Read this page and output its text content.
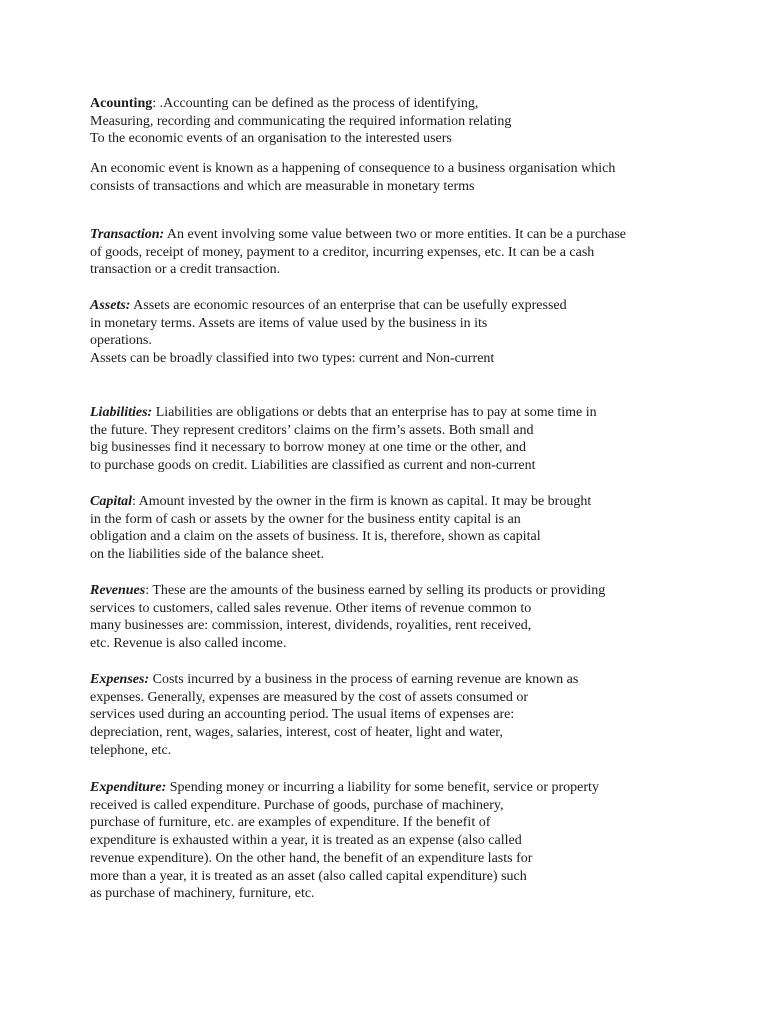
Acounting: .Accounting can be defined as the process of identifying,
Measuring, recording and communicating the required information relating
To the economic events of an organisation to the interested users

An economic event is known as a happening of consequence to a business organisation which
consists of transactions and which are measurable in monetary terms

Transaction: An event involving some value between two or more entities. It can be a purchase
of goods, receipt of money, payment to a creditor, incurring expenses, etc. It can be a cash
transaction or a credit transaction.

Assets: Assets are economic resources of an enterprise that can be usefully expressed
in monetary terms. Assets are items of value used by the business in its
operations.
Assets can be broadly classified into two types: current and Non-current

Liabilities: Liabilities are obligations or debts that an enterprise has to pay at some time in
the future. They represent creditors’ claims on the firm’s assets. Both small and
big businesses find it necessary to borrow money at one time or the other, and
to purchase goods on credit. Liabilities are classified as current and non-current

Capital: Amount invested by the owner in the firm is known as capital. It may be brought
in the form of cash or assets by the owner for the business entity capital is an
obligation and a claim on the assets of business. It is, therefore, shown as capital
on the liabilities side of the balance sheet.

Revenues: These are the amounts of the business earned by selling its products or providing
services to customers, called sales revenue. Other items of revenue common to
many businesses are: commission, interest, dividends, royalities, rent received,
etc. Revenue is also called income.

Expenses: Costs incurred by a business in the process of earning revenue are known as
expenses. Generally, expenses are measured by the cost of assets consumed or
services used during an accounting period. The usual items of expenses are:
depreciation, rent, wages, salaries, interest, cost of heater, light and water,
telephone, etc.

Expenditure: Spending money or incurring a liability for some benefit, service or property
received is called expenditure. Purchase of goods, purchase of machinery,
purchase of furniture, etc. are examples of expenditure. If the benefit of
expenditure is exhausted within a year, it is treated as an expense (also called
revenue expenditure). On the other hand, the benefit of an expenditure lasts for
more than a year, it is treated as an asset (also called capital expenditure) such
as purchase of machinery, furniture, etc.
